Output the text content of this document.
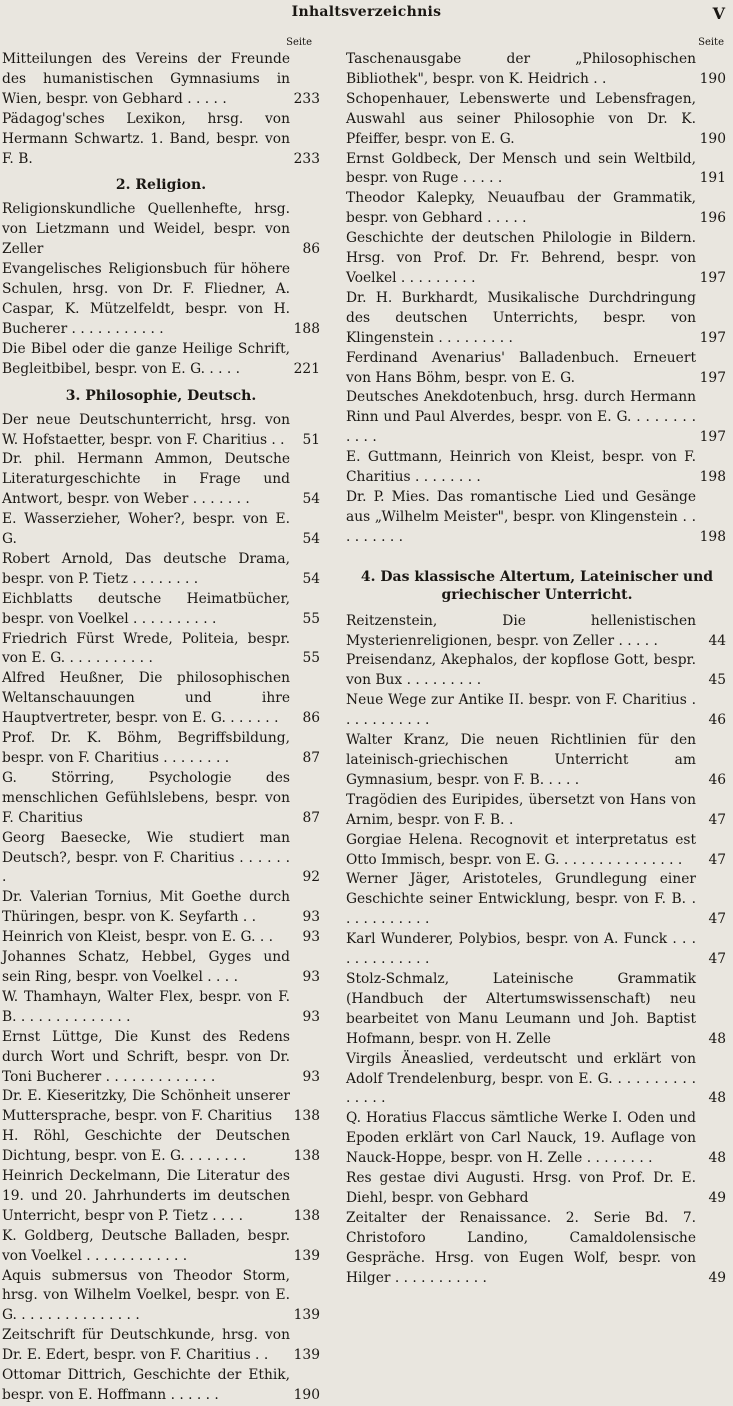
Inhaltsverzeichnis	V
Seite
Mitteilungen des Vereins der Freunde des humanistischen Gymnasiums in Wien, bespr. von Gebhard . . . . .	233
Pädagog'sches Lexikon, hrsg. von Hermann Schwartz. 1. Band, bespr. von F. B.	233
2. Religion.
Religionskundliche Quellenhefte, hrsg. von Lietzmann und Weidel, bespr. von Zeller	86
Evangelisches Religionsbuch für höhere Schulen, hrsg. von Dr. F. Fliedner, A. Caspar, K. Mützelfeldt, bespr. von H. Bucherer . . . . . . . . . . .	188
Die Bibel oder die ganze Heilige Schrift, Begleitbibel, bespr. von E. G. . . . .	221
3. Philosophie, Deutsch.
Der neue Deutschunterricht, hrsg. von W. Hofstaetter, bespr. von F. Charitius . .	51
Dr. phil. Hermann Ammon, Deutsche Literaturgeschichte in Frage und Antwort, bespr. von Weber . . . . . . .	54
E. Wasserzieher, Woher?, bespr. von E. G.	54
Robert Arnold, Das deutsche Drama, bespr. von P. Tietz . . . . . . . .	54
Eichblatts deutsche Heimatbücher, bespr. von Voelkel . . . . . . . . . .	55
Friedrich Fürst Wrede, Politeia, bespr. von E. G. . . . . . . . . . .	55
Alfred Heußner, Die philosophischen Weltanschauungen und ihre Hauptvertreter, bespr. von E. G. . . . . . .	86
Prof. Dr. K. Böhm, Begriffsbildung, bespr. von F. Charitius . . . . . . . .	87
G. Störring, Psychologie des menschlichen Gefühlslebens, bespr. von F. Charitius	87
Georg Baesecke, Wie studiert man Deutsch?, bespr. von F. Charitius . . . . . . .	92
Dr. Valerian Tornius, Mit Goethe durch Thüringen, bespr. von K. Seyfarth . .	93
Heinrich von Kleist, bespr. von E. G. . .	93
Johannes Schatz, Hebbel, Gyges und sein Ring, bespr. von Voelkel . . . .	93
W. Thamhayn, Walter Flex, bespr. von F. B. . . . . . . . . . . . . .	93
Ernst Lüttge, Die Kunst des Redens durch Wort und Schrift, bespr. von Dr. Toni Bucherer . . . . . . . . . . . . .	93
Dr. E. Kieseritzky, Die Schönheit unserer Muttersprache, bespr. von F. Charitius	138
H. Röhl, Geschichte der Deutschen Dichtung, bespr. von E. G. . . . . . . .	138
Heinrich Deckelmann, Die Literatur des 19. und 20. Jahrhunderts im deutschen Unterricht, bespr von P. Tietz . . . .	138
K. Goldberg, Deutsche Balladen, bespr. von Voelkel . . . . . . . . . . . .	139
Aquis submersus von Theodor Storm, hrsg. von Wilhelm Voelkel, bespr. von E. G. . . . . . . . . . . . . . .	139
Zeitschrift für Deutschkunde, hrsg. von Dr. E. Edert, bespr. von F. Charitius . .	139
Ottomar Dittrich, Geschichte der Ethik, bespr. von E. Hoffmann . . . . . .	190
Seite
Taschenausgabe der „Philosophischen Bibliothek", bespr. von K. Heidrich . .	190
Schopenhauer, Lebenswerte und Lebensfragen, Auswahl aus seiner Philosophie von Dr. K. Pfeiffer, bespr. von E. G.	190
Ernst Goldbeck, Der Mensch und sein Weltbild, bespr. von Ruge . . . . .	191
Theodor Kalepky, Neuaufbau der Grammatik, bespr. von Gebhard . . . . .	196
Geschichte der deutschen Philologie in Bildern. Hrsg. von Prof. Dr. Fr. Behrend, bespr. von Voelkel . . . . . . . . .	197
Dr. H. Burkhardt, Musikalische Durchdringung des deutschen Unterrichts, bespr. von Klingenstein . . . . . . . . .	197
Ferdinand Avenarius' Balladenbuch. Erneuert von Hans Böhm, bespr. von E. G.	197
Deutsches Anekdotenbuch, hrsg. durch Hermann Rinn und Paul Alverdes, bespr. von E. G. . . . . . . . . . . .	197
E. Guttmann, Heinrich von Kleist, bespr. von F. Charitius . . . . . . . .	198
Dr. P. Mies. Das romantische Lied und Gesänge aus „Wilhelm Meister", bespr. von Klingenstein . . . . . . . . .	198
4. Das klassische Altertum, Lateinischer und griechischer Unterricht.
Reitzenstein, Die hellenistischen Mysterienreligionen, bespr. von Zeller . . . . .	44
Preisendanz, Akephalos, der kopflose Gott, bespr. von Bux . . . . . . . . .	45
Neue Wege zur Antike II. bespr. von F. Charitius . . . . . . . . . . .	46
Walter Kranz, Die neuen Richtlinien für den lateinisch-griechischen Unterricht am Gymnasium, bespr. von F. B. . . . .	46
Tragödien des Euripides, übersetzt von Hans von Arnim, bespr. von F. B. .	47
Gorgiae Helena. Recognovit et interpretatus est Otto Immisch, bespr. von E. G. . . . . . . . . . . . . . .	47
Werner Jäger, Aristoteles, Grundlegung einer Geschichte seiner Entwicklung, bespr. von F. B. . . . . . . . . . . .	47
Karl Wunderer, Polybios, bespr. von A. Funck . . . . . . . . . . . . .	47
Stolz-Schmalz, Lateinische Grammatik (Handbuch der Altertumswissenschaft) neu bearbeitet von Manu Leumann und Joh. Baptist Hofmann, bespr. von H. Zelle	48
Virgils Äneaslied, verdeutscht und erklärt von Adolf Trendelenburg, bespr. von E. G. . . . . . . . . . . . . . .	48
Q. Horatius Flaccus sämtliche Werke I. Oden und Epoden erklärt von Carl Nauck, 19. Auflage von Nauck-Hoppe, bespr. von H. Zelle . . . . . . . .	48
Res gestae divi Augusti. Hrsg. von Prof. Dr. E. Diehl, bespr. von Gebhard	49
Zeitalter der Renaissance. 2. Serie Bd. 7. Christoforo Landino, Camaldolensische Gespräche. Hrsg. von Eugen Wolf, bespr. von Hilger . . . . . . . . . . .	49
